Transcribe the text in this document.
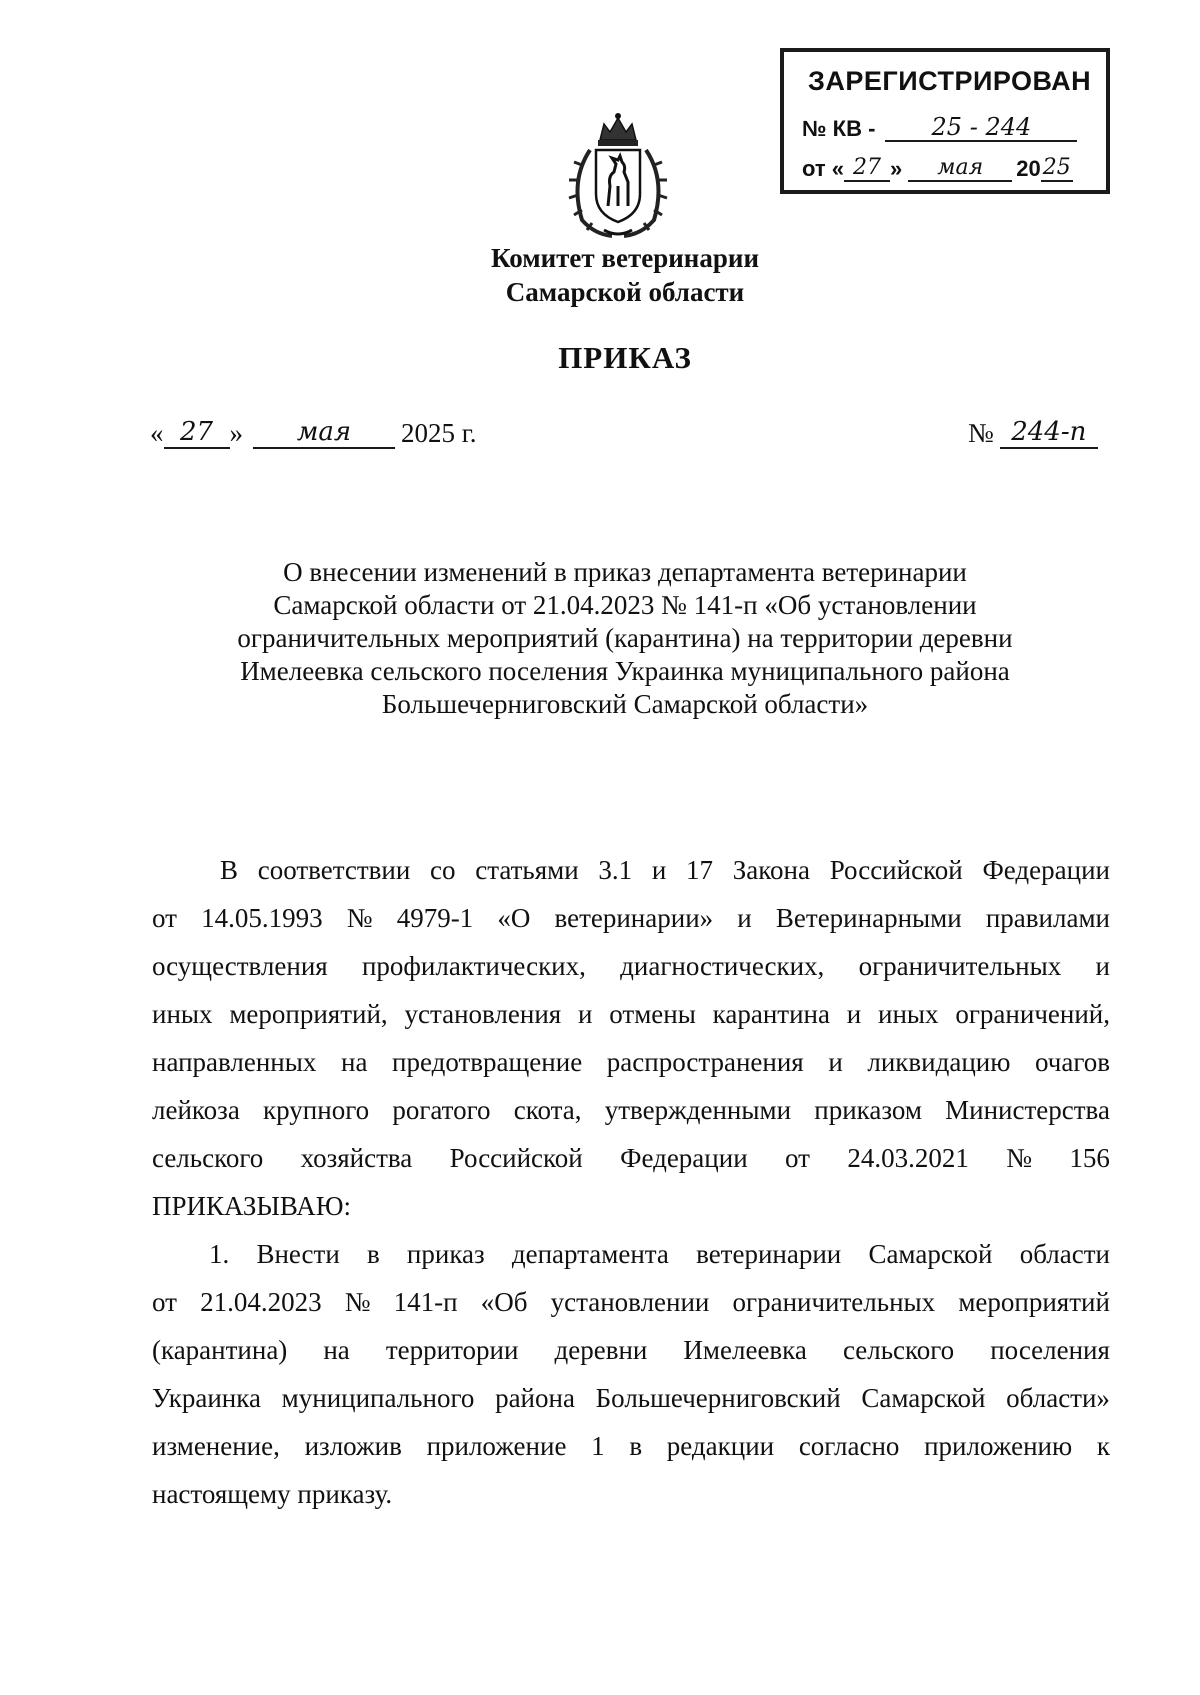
ЗАРЕГИСТРИРОВАН
№ КВ -	25 - 244
от « 27 »	мая	20 25
Комитет ветеринарии
Самарской области
ПРИКАЗ
« 27 »	мая	2025 г.	№ 244-п
О внесении изменений в приказ департамента ветеринарии
Самарской области от 21.04.2023 № 141-п «Об установлении
ограничительных мероприятий (карантина) на территории деревни
Имелеевка сельского поселения Украинка муниципального района
Большечерниговский Самарской области»
В соответствии со статьями 3.1 и 17 Закона Российской Федерации
от 14.05.1993 № 4979-1 «О ветеринарии» и Ветеринарными правилами
осуществления профилактических, диагностических, ограничительных и
иных мероприятий, установления и отмены карантина и иных ограничений,
направленных на предотвращение распространения и ликвидацию очагов
лейкоза крупного рогатого скота, утвержденными приказом Министерства
сельского хозяйства Российской Федерации от 24.03.2021 № 156
ПРИКАЗЫВАЮ:
1. Внести в приказ департамента ветеринарии Самарской области
от 21.04.2023 № 141-п «Об установлении ограничительных мероприятий
(карантина) на территории деревни Имелеевка сельского поселения
Украинка муниципального района Большечерниговский Самарской области»
изменение, изложив приложение 1 в редакции согласно приложению к
настоящему приказу.
